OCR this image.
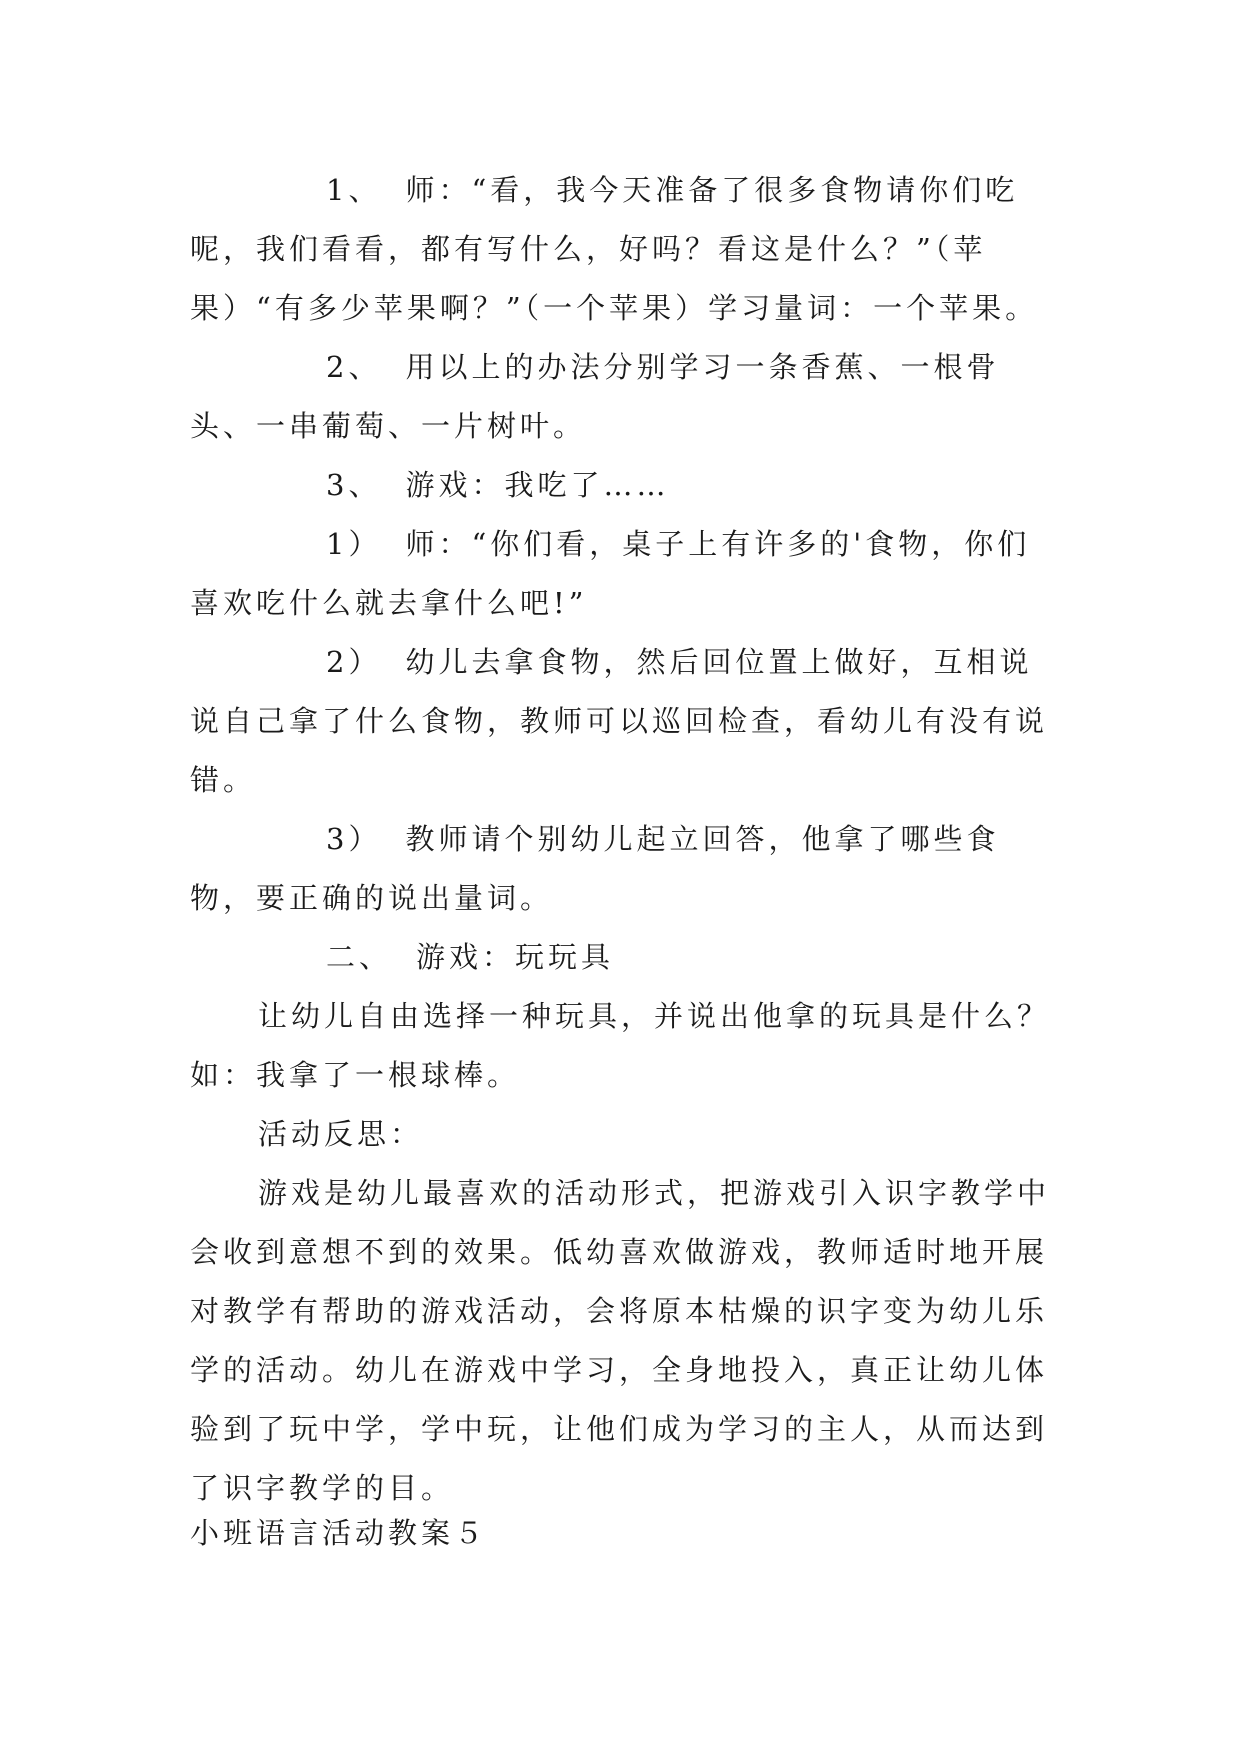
1、 师：“看，我今天准备了很多食物请你们吃呢，我们看看，都有写什么，好吗？看这是什么？”（苹果）“有多少苹果啊？”（一个苹果）学习量词：一个苹果。

2、 用以上的办法分别学习一条香蕉、一根骨头、一串葡萄、一片树叶。

3、 游戏：我吃了……

1） 师：“你们看，桌子上有许多的'食物，你们喜欢吃什么就去拿什么吧!”

2） 幼儿去拿食物，然后回位置上做好，互相说说自己拿了什么食物，教师可以巡回检查，看幼儿有没有说错。

3） 教师请个别幼儿起立回答，他拿了哪些食物，要正确的说出量词。

二、 游戏：玩玩具

让幼儿自由选择一种玩具，并说出他拿的玩具是什么？如：我拿了一根球棒。

活动反思：

游戏是幼儿最喜欢的活动形式，把游戏引入识字教学中会收到意想不到的效果。低幼喜欢做游戏，教师适时地开展对教学有帮助的游戏活动，会将原本枯燥的识字变为幼儿乐学的活动。幼儿在游戏中学习，全身地投入，真正让幼儿体验到了玩中学，学中玩，让他们成为学习的主人，从而达到了识字教学的目。

小班语言活动教案５
